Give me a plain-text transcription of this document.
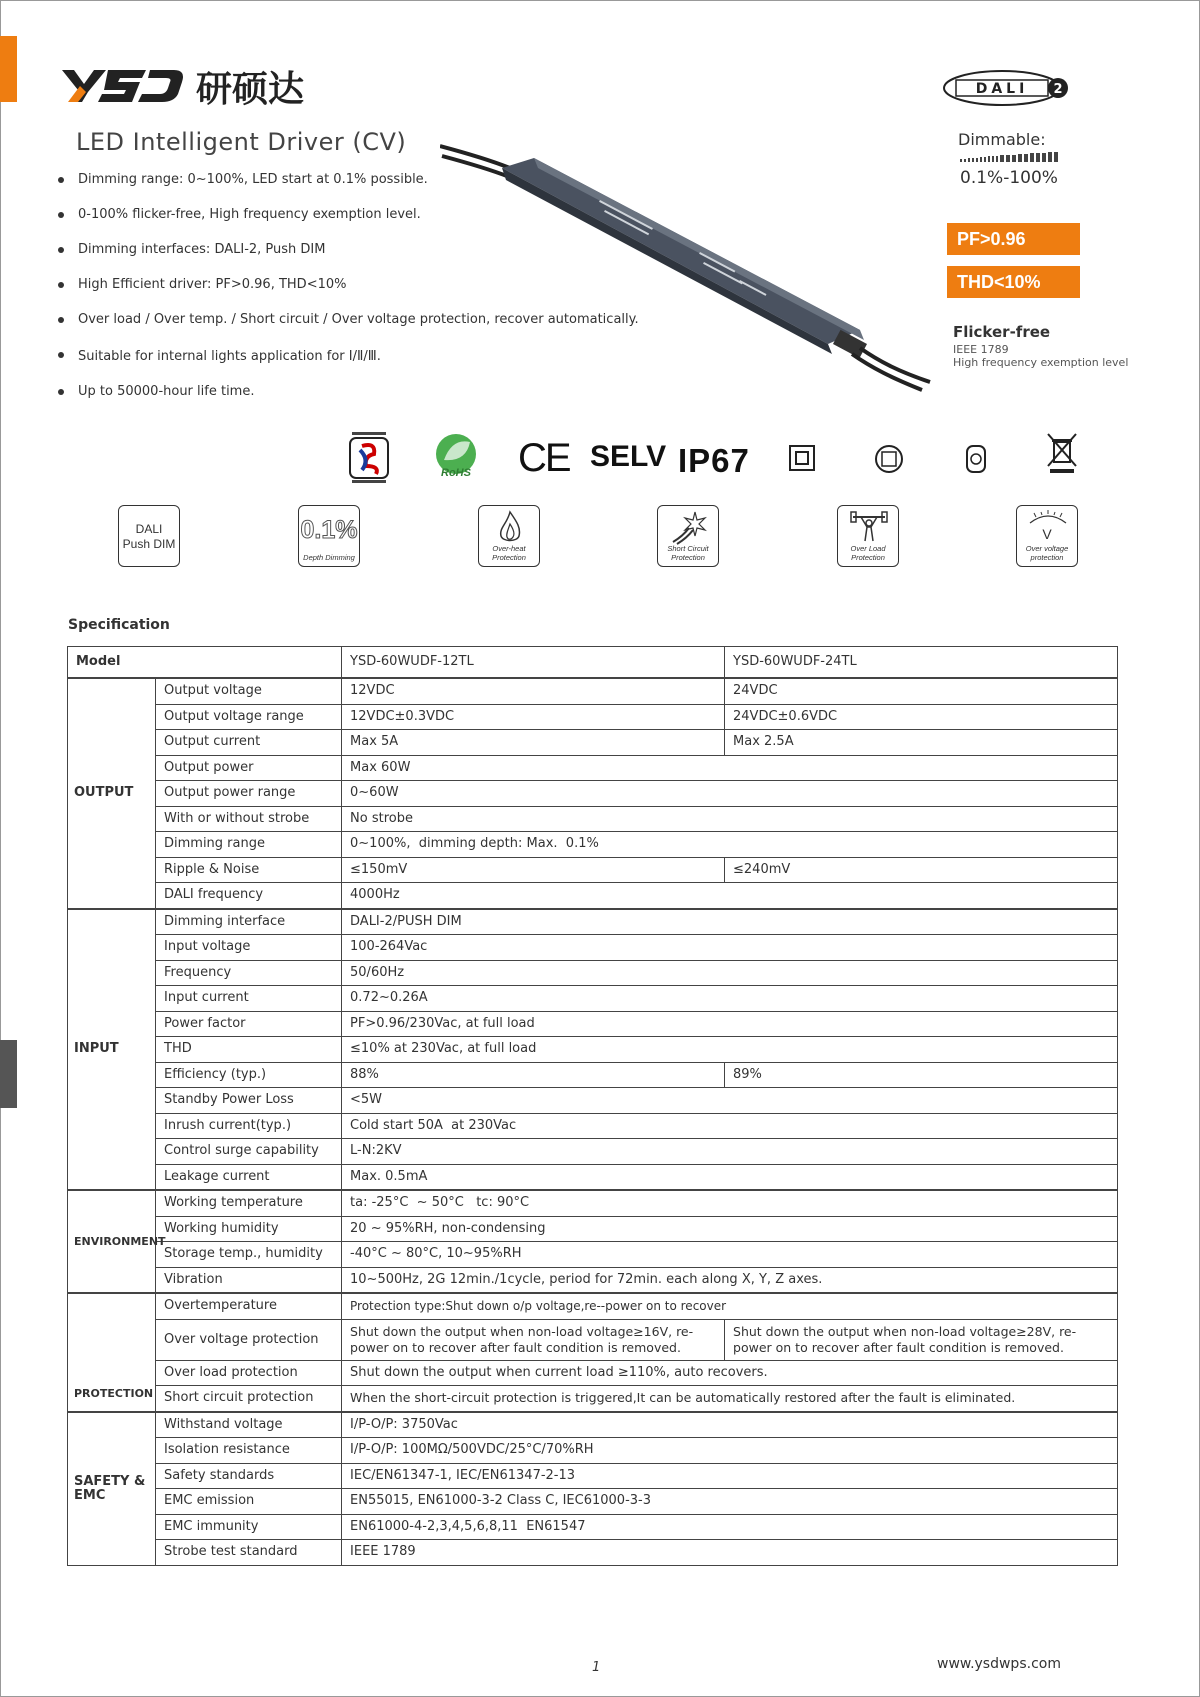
研硕达
LED Intelligent Driver (CV)
Dimming range: 0~100%, LED start at 0.1% possible.
0-100% flicker-free, High frequency exemption level.
Dimming interfaces: DALI-2, Push DIM
High Efficient driver: PF>0.96, THD<10%
Over load / Over temp. / Short circuit / Over voltage protection, recover automatically.
Suitable for internal lights application for Ⅰ/Ⅱ/Ⅲ.
Up to 50000-hour life time.
DALI 2
Dimmable:
0.1%-100%
PF>0.96
THD<10%
Flicker-free
IEEE 1789
High frequency exemption level
RoHS CE SELV IP67
DALI
Push DIM	0.1%
Depth Dimming
Over-heat
Protection
Short Circuit
Protection
Over Load
Protection
V
Over voltage
protection
Specification
Model		YSD-60WUDF-12TL	YSD-60WUDF-24TL
OUTPUT	Output voltage	12VDC	24VDC
	Output voltage range	12VDC±0.3VDC	24VDC±0.6VDC
	Output current	Max 5A	Max 2.5A
	Output power	Max 60W	
	Output power range	0~60W	
	With or without strobe	No strobe	
	Dimming range	0~100%,  dimming depth: Max.  0.1%	
	Ripple & Noise	≤150mV	≤240mV
	DALI frequency	4000Hz	
INPUT	Dimming interface	DALI-2/PUSH DIM	
	Input voltage	100-264Vac	
	Frequency	50/60Hz	
	Input current	0.72~0.26A	
	Power factor	PF>0.96/230Vac, at full load	
	THD	≤10% at 230Vac, at full load	
	Efficiency (typ.)	88%	89%
	Standby Power Loss	<5W	
	Inrush current(typ.)	Cold start 50A  at 230Vac	
	Control surge capability	L-N:2KV	
	Leakage current	Max. 0.5mA	
ENVIRONMENT	Working temperature	ta: -25°C  ~ 50°C   tc: 90°C	
	Working humidity	20 ~ 95%RH, non-condensing	
	Storage temp., humidity	-40°C ~ 80°C, 10~95%RH	
	Vibration	10~500Hz, 2G 12min./1cycle, period for 72min. each along X, Y, Z axes.	
PROTECTION	Overtemperature	Protection type:Shut down o/p voltage,re--power on to recover	
	Over voltage protection	Shut down the output when non-load voltage≥16V, re-power on to recover after fault condition is removed.	Shut down the output when non-load voltage≥28V, re-power on to recover after fault condition is removed.
	Over load protection	Shut down the output when current load ≥110%, auto recovers.	
	Short circuit protection	When the short-circuit protection is triggered,It can be automatically restored after the fault is eliminated.	
SAFETY & EMC	Withstand voltage	I/P-O/P: 3750Vac	
	Isolation resistance	I/P-O/P: 100MΩ/500VDC/25°C/70%RH	
	Safety standards	IEC/EN61347-1, IEC/EN61347-2-13	
	EMC emission	EN55015, EN61000-3-2 Class C, IEC61000-3-3	
	EMC immunity	EN61000-4-2,3,4,5,6,8,11  EN61547	
	Strobe test standard	IEEE 1789	
1	www.ysdwps.com
